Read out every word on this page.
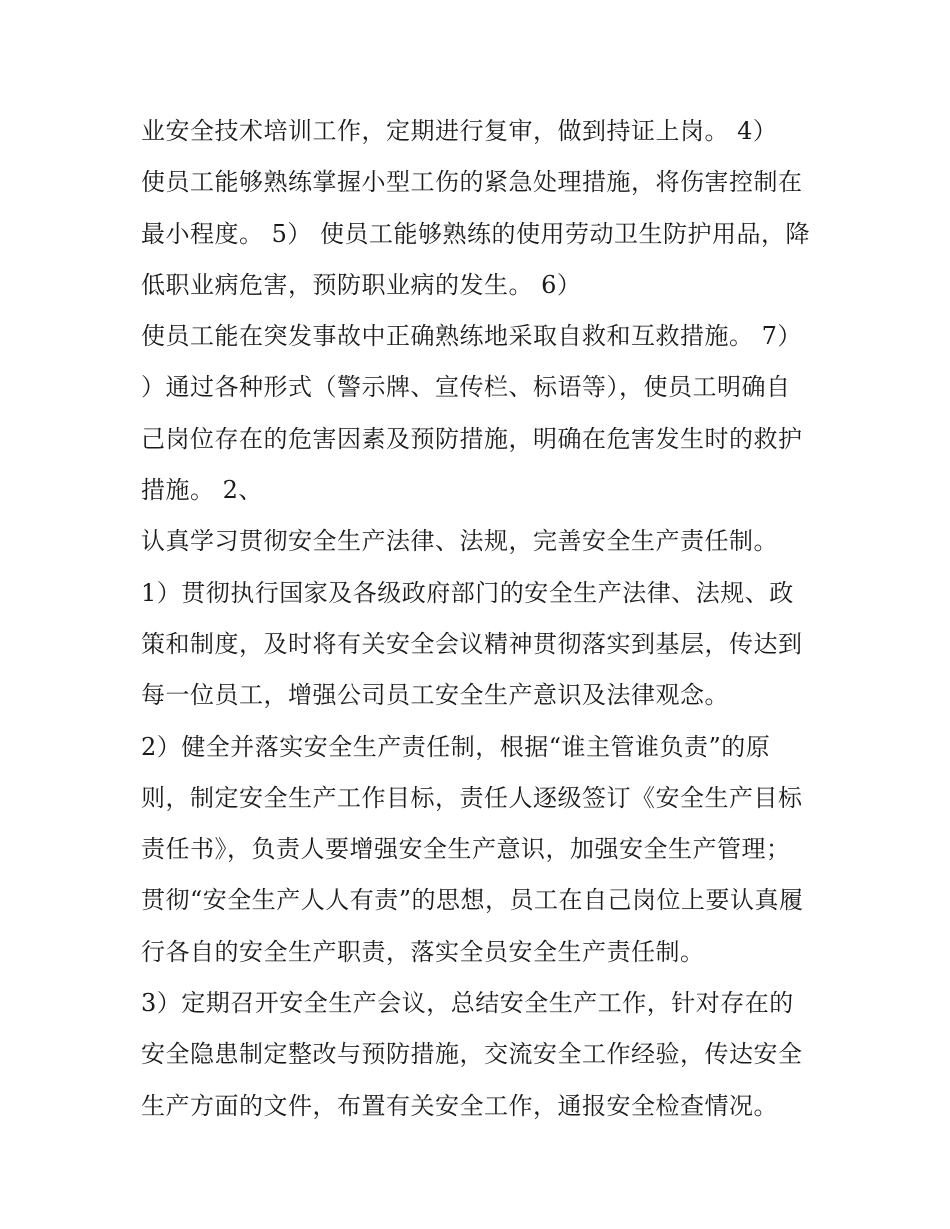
业安全技术培训工作，定期进行复审，做到持证上岗。 4）
使员工能够熟练掌握小型工伤的紧急处理措施，将伤害控制在
最小程度。 5） 使员工能够熟练的使用劳动卫生防护用品，降
低职业病危害，预防职业病的发生。 6）
使员工能在突发事故中正确熟练地采取自救和互救措施。 7）
）通过各种形式（警示牌、宣传栏、标语等），使员工明确自
己岗位存在的危害因素及预防措施，明确在危害发生时的救护
措施。 2、
认真学习贯彻安全生产法律、法规，完善安全生产责任制。
1）贯彻执行国家及各级政府部门的安全生产法律、法规、政
策和制度，及时将有关安全会议精神贯彻落实到基层，传达到
每一位员工，增强公司员工安全生产意识及法律观念。
2）健全并落实安全生产责任制，根据“谁主管谁负责”的原
则，制定安全生产工作目标，责任人逐级签订《安全生产目标
责任书》，负责人要增强安全生产意识，加强安全生产管理；
贯彻“安全生产人人有责”的思想，员工在自己岗位上要认真履
行各自的安全生产职责，落实全员安全生产责任制。
3）定期召开安全生产会议，总结安全生产工作，针对存在的
安全隐患制定整改与预防措施，交流安全工作经验，传达安全
生产方面的文件，布置有关安全工作，通报安全检查情况。
